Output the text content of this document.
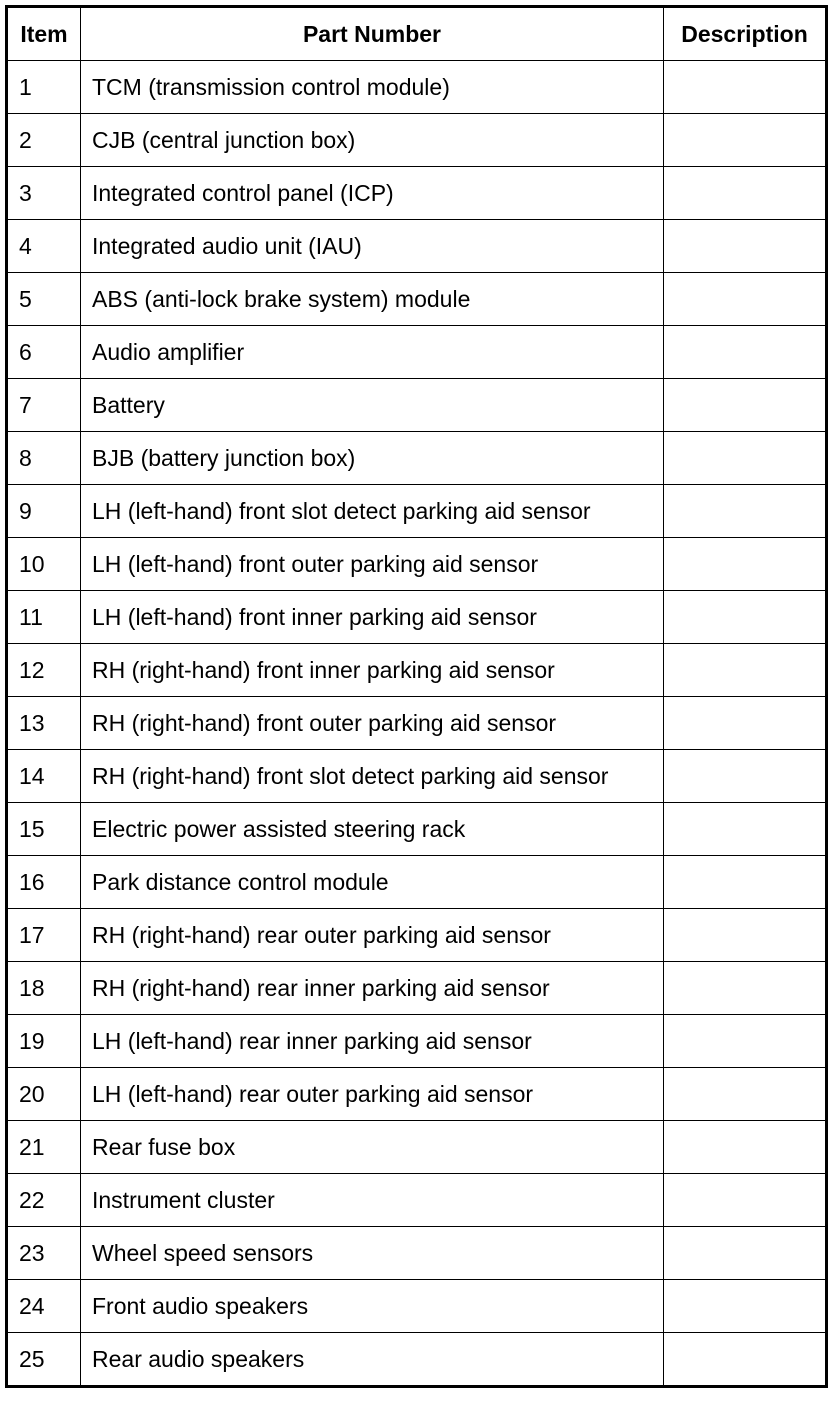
Item	Part Number	Description
1	TCM (transmission control module)	
2	CJB (central junction box)	
3	Integrated control panel (ICP)	
4	Integrated audio unit (IAU)	
5	ABS (anti-lock brake system) module	
6	Audio amplifier	
7	Battery	
8	BJB (battery junction box)	
9	LH (left-hand) front slot detect parking aid sensor	
10	LH (left-hand) front outer parking aid sensor	
11	LH (left-hand) front inner parking aid sensor	
12	RH (right-hand) front inner parking aid sensor	
13	RH (right-hand) front outer parking aid sensor	
14	RH (right-hand) front slot detect parking aid sensor	
15	Electric power assisted steering rack	
16	Park distance control module	
17	RH (right-hand) rear outer parking aid sensor	
18	RH (right-hand) rear inner parking aid sensor	
19	LH (left-hand) rear inner parking aid sensor	
20	LH (left-hand) rear outer parking aid sensor	
21	Rear fuse box	
22	Instrument cluster	
23	Wheel speed sensors	
24	Front audio speakers	
25	Rear audio speakers	
